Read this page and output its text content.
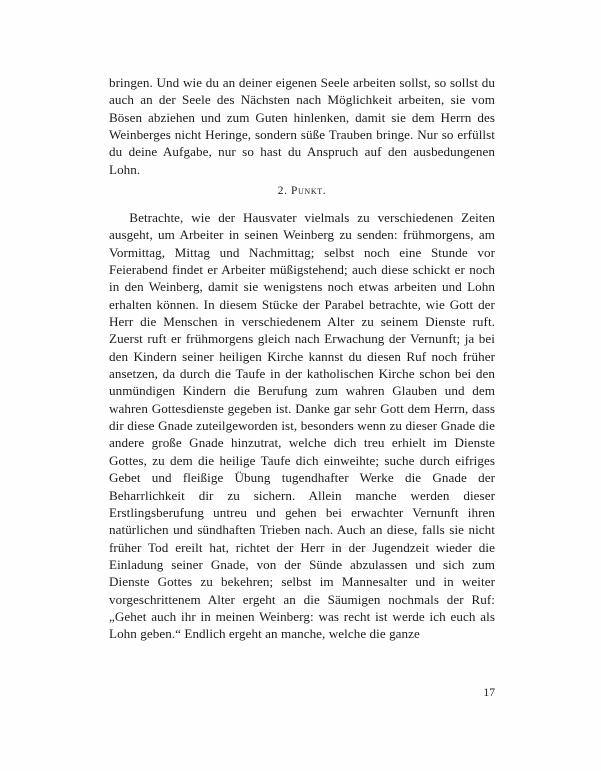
bringen. Und wie du an deiner eigenen Seele arbeiten sollst, so sollst du auch an der Seele des Nächsten nach Möglichkeit arbeiten, sie vom Bösen abziehen und zum Guten hinlenken, damit sie dem Herrn des Weinberges nicht Heringe, sondern süße Trauben bringe. Nur so erfüllst du deine Aufgabe, nur so hast du Anspruch auf den ausbedungenen Lohn.

2. Punkt.

Betrachte, wie der Hausvater vielmals zu verschiedenen Zeiten ausgeht, um Arbeiter in seinen Weinberg zu senden: frühmorgens, am Vormittag, Mittag und Nachmittag; selbst noch eine Stunde vor Feierabend findet er Arbeiter müßigstehend; auch diese schickt er noch in den Weinberg, damit sie wenigstens noch etwas arbeiten und Lohn erhalten können. In diesem Stücke der Parabel betrachte, wie Gott der Herr die Menschen in verschiedenem Alter zu seinem Dienste ruft. Zuerst ruft er frühmorgens gleich nach Erwachung der Vernunft; ja bei den Kindern seiner heiligen Kirche kannst du diesen Ruf noch früher ansetzen, da durch die Taufe in der katholischen Kirche schon bei den unmündigen Kindern die Berufung zum wahren Glauben und dem wahren Gottesdienste gegeben ist. Danke gar sehr Gott dem Herrn, dass dir diese Gnade zuteilgeworden ist, besonders wenn zu dieser Gnade die andere große Gnade hinzutrat, welche dich treu erhielt im Dienste Gottes, zu dem die heilige Taufe dich einweihte; suche durch eifriges Gebet und fleißige Übung tugendhafter Werke die Gnade der Beharrlichkeit dir zu sichern. Allein manche werden dieser Erstlingsberufung untreu und gehen bei erwachter Vernunft ihren natürlichen und sündhaften Trieben nach. Auch an diese, falls sie nicht früher Tod ereilt hat, richtet der Herr in der Jugendzeit wieder die Einladung seiner Gnade, von der Sünde abzulassen und sich zum Dienste Gottes zu bekehren; selbst im Mannesalter und in weiter vorgeschrittenem Alter ergeht an die Säumigen nochmals der Ruf: „Gehet auch ihr in meinen Weinberg: was recht ist werde ich euch als Lohn geben.“ Endlich ergeht an manche, welche die ganze

17
